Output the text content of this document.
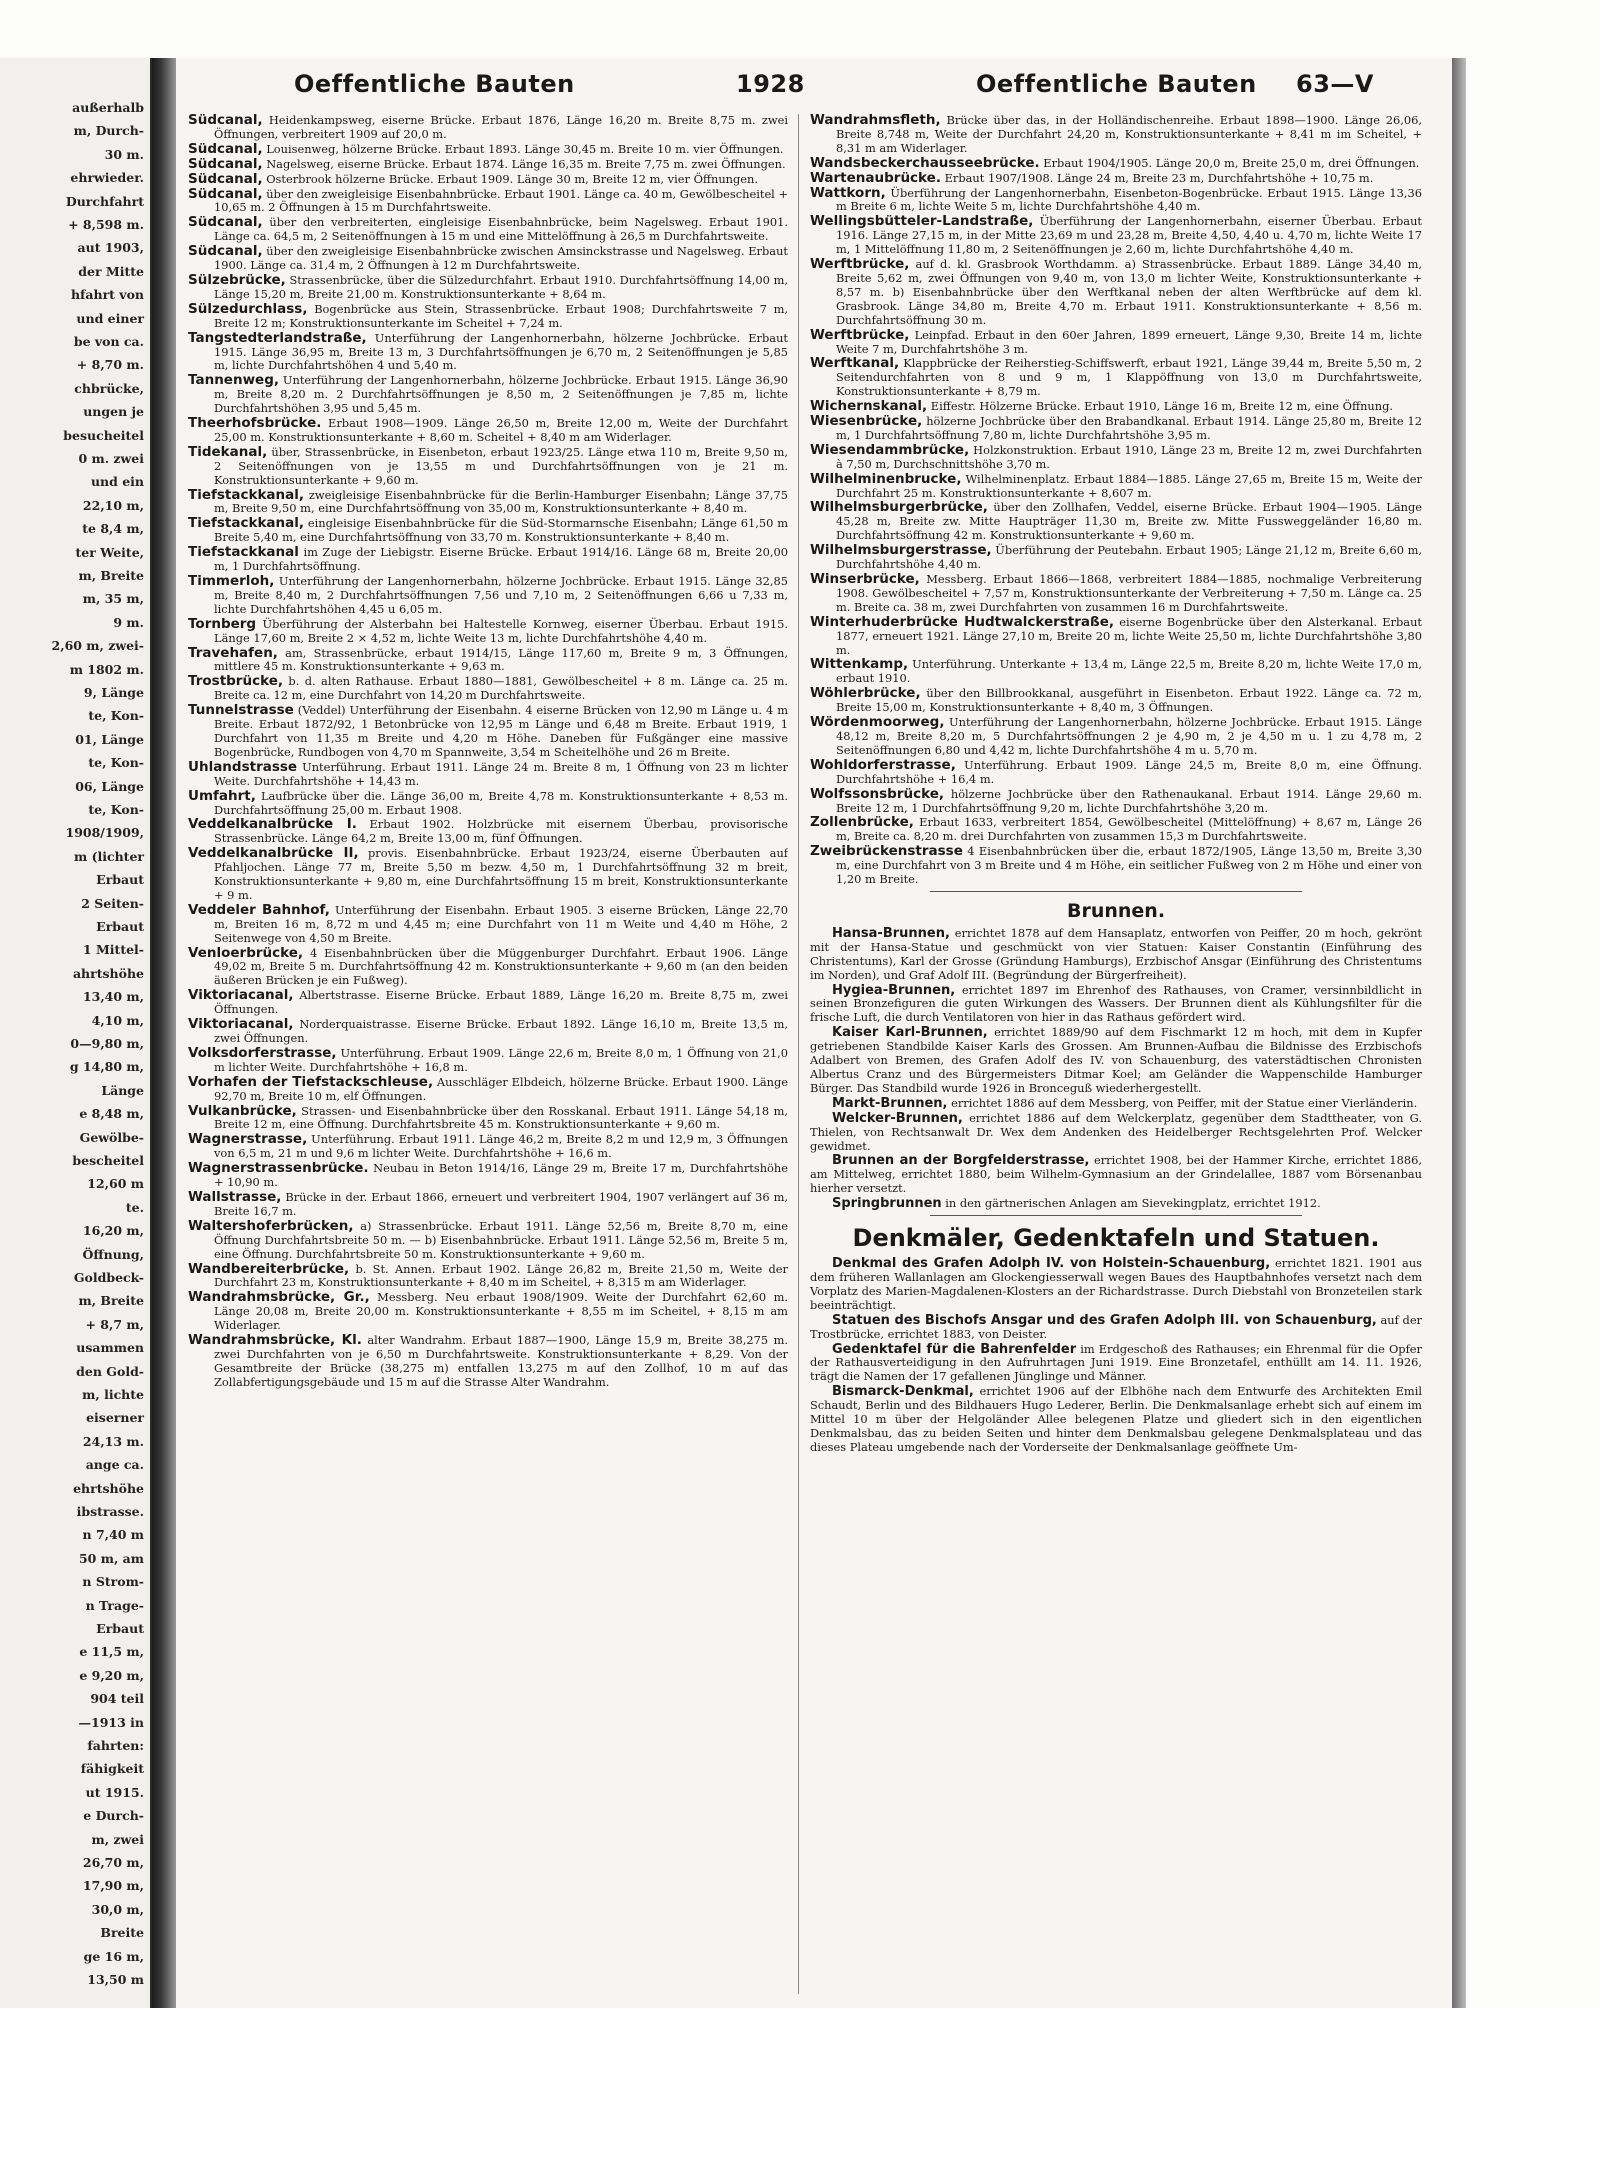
außerhalb
m, Durch-
30 m.
ehrwieder.
Durchfahrt
+ 8,598 m.
aut 1903,
der Mitte
hfahrt von
und einer
be von ca.
+ 8,70 m.
chbrücke,
ungen je
besucheitel
0 m. zwei
und ein
22,10 m,
te 8,4 m,
ter Weite,
m, Breite
m, 35 m,
9 m.
2,60 m, zwei-
m 1802 m.
9, Länge
te, Kon-
01, Länge
te, Kon-
06, Länge
te, Kon-
1908/1909,
m (lichter
Erbaut
2 Seiten-
Erbaut
1 Mittel-
ahrtshöhe
13,40 m,
4,10 m,
0—9,80 m,
g 14,80 m,
Länge
e 8,48 m,
Gewölbe-
bescheitel
12,60 m
te.
16,20 m,
Öffnung,
Goldbeck-
m, Breite
+ 8,7 m,
usammen
den Gold-
m, lichte
eiserner
24,13 m.
ange ca.
ehrtshöhe
ibstrasse.
n 7,40 m
50 m, am
n Strom-
n Trage-
Erbaut
e 11,5 m,
e 9,20 m,
904 teil
—1913 in
fahrten:
fähigkeit
ut 1915.
e Durch-
m, zwei
26,70 m,
17,90 m,
30,0 m,
Breite
ge 16 m,
13,50 m
Oeffentliche Bauten	1928	Oeffentliche Bauten 63—V

Südcanal, Heidenkampsweg, eiserne Brücke. Erbaut 1876, Länge 16,20 m. Breite 8,75 m. zwei Öffnungen, verbreitert 1909 auf 20,0 m.

Südcanal, Louisenweg, hölzerne Brücke. Erbaut 1893. Länge 30,45 m. Breite 10 m. vier Öffnungen.

Südcanal, Nagelsweg, eiserne Brücke. Erbaut 1874. Länge 16,35 m. Breite 7,75 m. zwei Öffnungen.

Südcanal, Osterbrook hölzerne Brücke. Erbaut 1909. Länge 30 m, Breite 12 m, vier Öffnungen.

Südcanal, über den zweigleisige Eisenbahnbrücke. Erbaut 1901. Länge ca. 40 m, Gewölbescheitel + 10,65 m. 2 Öffnungen à 15 m Durchfahrtsweite.

Südcanal, über den verbreiterten, eingleisige Eisenbahnbrücke, beim Nagelsweg. Erbaut 1901. Länge ca. 64,5 m, 2 Seitenöffnungen à 15 m und eine Mittelöffnung à 26,5 m Durchfahrtsweite.

Südcanal, über den zweigleisige Eisenbahnbrücke zwischen Amsinckstrasse und Nagelsweg. Erbaut 1900. Länge ca. 31,4 m, 2 Öffnungen à 12 m Durchfahrtsweite.

Sülzebrücke, Strassenbrücke, über die Sülzedurchfahrt. Erbaut 1910. Durchfahrtsöffnung 14,00 m, Länge 15,20 m, Breite 21,00 m. Konstruktionsunterkante + 8,64 m.

Sülzedurchlass, Bogenbrücke aus Stein, Strassenbrücke. Erbaut 1908; Durchfahrtsweite 7 m, Breite 12 m; Konstruktionsunterkante im Scheitel + 7,24 m.

Tangstedterlandstraße, Unterführung der Langenhornerbahn, hölzerne Jochbrücke. Erbaut 1915. Länge 36,95 m, Breite 13 m, 3 Durchfahrtsöffnungen je 6,70 m, 2 Seitenöffnungen je 5,85 m, lichte Durchfahrtshöhen 4 und 5,40 m.

Tannenweg, Unterführung der Langenhornerbahn, hölzerne Jochbrücke. Erbaut 1915. Länge 36,90 m, Breite 8,20 m. 2 Durchfahrtsöffnungen je 8,50 m, 2 Seitenöffnungen je 7,85 m, lichte Durchfahrtshöhen 3,95 und 5,45 m.

Theerhofsbrücke. Erbaut 1908—1909. Länge 26,50 m, Breite 12,00 m, Weite der Durchfahrt 25,00 m. Konstruktionsunterkante + 8,60 m. Scheitel + 8,40 m am Widerlager.

Tidekanal, über, Strassenbrücke, in Eisenbeton, erbaut 1923/25. Länge etwa 110 m, Breite 9,50 m, 2 Seitenöffnungen von je 13,55 m und Durchfahrtsöffnungen von je 21 m. Konstruktionsunterkante + 9,60 m.

Tiefstackkanal, zweigleisige Eisenbahnbrücke für die Berlin-Hamburger Eisenbahn; Länge 37,75 m, Breite 9,50 m, eine Durchfahrtsöffnung von 35,00 m, Konstruktionsunterkante + 8,40 m.

Tiefstackkanal, eingleisige Eisenbahnbrücke für die Süd-Stormarnsche Eisenbahn; Länge 61,50 m Breite 5,40 m, eine Durchfahrtsöffnung von 33,70 m. Konstruktionsunterkante + 8,40 m.

Tiefstackkanal im Zuge der Liebigstr. Eiserne Brücke. Erbaut 1914/16. Länge 68 m, Breite 20,00 m, 1 Durchfahrtsöffnung.

Timmerloh, Unterführung der Langenhornerbahn, hölzerne Jochbrücke. Erbaut 1915. Länge 32,85 m, Breite 8,40 m, 2 Durchfahrtsöffnungen 7,56 und 7,10 m, 2 Seitenöffnungen 6,66 u 7,33 m, lichte Durchfahrtshöhen 4,45 u 6,05 m.

Tornberg Überführung der Alsterbahn bei Haltestelle Kornweg, eiserner Überbau. Erbaut 1915. Länge 17,60 m, Breite 2 × 4,52 m, lichte Weite 13 m, lichte Durchfahrtshöhe 4,40 m.

Travehafen, am, Strassenbrücke, erbaut 1914/15, Länge 117,60 m, Breite 9 m, 3 Öffnungen, mittlere 45 m. Konstruktionsunterkante + 9,63 m.

Trostbrücke, b. d. alten Rathause. Erbaut 1880—1881, Gewölbescheitel + 8 m. Länge ca. 25 m. Breite ca. 12 m, eine Durchfahrt von 14,20 m Durchfahrtsweite.

Tunnelstrasse (Veddel) Unterführung der Eisenbahn. 4 eiserne Brücken von 12,90 m Länge u. 4 m Breite. Erbaut 1872/92, 1 Betonbrücke von 12,95 m Länge und 6,48 m Breite. Erbaut 1919, 1 Durchfahrt von 11,35 m Breite und 4,20 m Höhe. Daneben für Fußgänger eine massive Bogenbrücke, Rundbogen von 4,70 m Spannweite, 3,54 m Scheitelhöhe und 26 m Breite.

Uhlandstrasse Unterführung. Erbaut 1911. Länge 24 m. Breite 8 m, 1 Öffnung von 23 m lichter Weite. Durchfahrtshöhe + 14,43 m.

Umfahrt, Laufbrücke über die. Länge 36,00 m, Breite 4,78 m. Konstruktionsunterkante + 8,53 m. Durchfahrtsöffnung 25,00 m. Erbaut 1908.

Veddelkanalbrücke I. Erbaut 1902. Holzbrücke mit eisernem Überbau, provisorische Strassenbrücke. Länge 64,2 m, Breite 13,00 m, fünf Öffnungen.

Veddelkanalbrücke II, provis. Eisenbahnbrücke. Erbaut 1923/24, eiserne Überbauten auf Pfahljochen. Länge 77 m, Breite 5,50 m bezw. 4,50 m, 1 Durchfahrtsöffnung 32 m breit, Konstruktionsunterkante + 9,80 m, eine Durchfahrtsöffnung 15 m breit, Konstruktionsunterkante + 9 m.

Veddeler Bahnhof, Unterführung der Eisenbahn. Erbaut 1905. 3 eiserne Brücken, Länge 22,70 m, Breiten 16 m, 8,72 m und 4,45 m; eine Durchfahrt von 11 m Weite und 4,40 m Höhe, 2 Seitenwege von 4,50 m Breite.

Venloerbrücke, 4 Eisenbahnbrücken über die Müggenburger Durchfahrt. Erbaut 1906. Länge 49,02 m, Breite 5 m. Durchfahrtsöffnung 42 m. Konstruktionsunterkante + 9,60 m (an den beiden äußeren Brücken je ein Fußweg).

Viktoriacanal, Albertstrasse. Eiserne Brücke. Erbaut 1889, Länge 16,20 m. Breite 8,75 m, zwei Öffnungen.

Viktoriacanal, Norderquaistrasse. Eiserne Brücke. Erbaut 1892. Länge 16,10 m, Breite 13,5 m, zwei Öffnungen.

Volksdorferstrasse, Unterführung. Erbaut 1909. Länge 22,6 m, Breite 8,0 m, 1 Öffnung von 21,0 m lichter Weite. Durchfahrtshöhe + 16,8 m.

Vorhafen der Tiefstackschleuse, Ausschläger Elbdeich, hölzerne Brücke. Erbaut 1900. Länge 92,70 m, Breite 10 m, elf Öffnungen.

Vulkanbrücke, Strassen- und Eisenbahnbrücke über den Rosskanal. Erbaut 1911. Länge 54,18 m, Breite 12 m, eine Öffnung. Durchfahrtsbreite 45 m. Konstruktionsunterkante + 9,60 m.

Wagnerstrasse, Unterführung. Erbaut 1911. Länge 46,2 m, Breite 8,2 m und 12,9 m, 3 Öffnungen von 6,5 m, 21 m und 9,6 m lichter Weite. Durchfahrtshöhe + 16,6 m.

Wagnerstrassenbrücke. Neubau in Beton 1914/16, Länge 29 m, Breite 17 m, Durchfahrtshöhe + 10,90 m.

Wallstrasse, Brücke in der. Erbaut 1866, erneuert und verbreitert 1904, 1907 verlängert auf 36 m, Breite 16,7 m.

Waltershoferbrücken, a) Strassenbrücke. Erbaut 1911. Länge 52,56 m, Breite 8,70 m, eine Öffnung Durchfahrtsbreite 50 m. — b) Eisenbahnbrücke. Erbaut 1911. Länge 52,56 m, Breite 5 m, eine Öffnung. Durchfahrtsbreite 50 m. Konstruktionsunterkante + 9,60 m.

Wandbereiterbrücke, b. St. Annen. Erbaut 1902. Länge 26,82 m, Breite 21,50 m, Weite der Durchfahrt 23 m, Konstruktionsunterkante + 8,40 m im Scheitel, + 8,315 m am Widerlager.

Wandrahmsbrücke, Gr., Messberg. Neu erbaut 1908/1909. Weite der Durchfahrt 62,60 m. Länge 20,08 m, Breite 20,00 m. Konstruktionsunterkante + 8,55 m im Scheitel, + 8,15 m am Widerlager.

Wandrahmsbrücke, Kl. alter Wandrahm. Erbaut 1887—1900, Länge 15,9 m, Breite 38,275 m. zwei Durchfahrten von je 6,50 m Durchfahrtsweite. Konstruktionsunterkante + 8,29. Von der Gesamtbreite der Brücke (38,275 m) entfallen 13,275 m auf den Zollhof, 10 m auf das Zollabfertigungsgebäude und 15 m auf die Strasse Alter Wandrahm.

Wandrahmsfleth, Brücke über das, in der Holländischenreihe. Erbaut 1898—1900. Länge 26,06, Breite 8,748 m, Weite der Durchfahrt 24,20 m, Konstruktionsunterkante + 8,41 m im Scheitel, + 8,31 m am Widerlager.

Wandsbeckerchausseebrücke. Erbaut 1904/1905. Länge 20,0 m, Breite 25,0 m, drei Öffnungen.

Wartenaubrücke. Erbaut 1907/1908. Länge 24 m, Breite 23 m, Durchfahrtshöhe + 10,75 m.

Wattkorn, Überführung der Langenhornerbahn, Eisenbeton-Bogenbrücke. Erbaut 1915. Länge 13,36 m Breite 6 m, lichte Weite 5 m, lichte Durchfahrtshöhe 4,40 m.

Wellingsbütteler-Landstraße, Überführung der Langenhornerbahn, eiserner Überbau. Erbaut 1916. Länge 27,15 m, in der Mitte 23,69 m und 23,28 m, Breite 4,50, 4,40 u. 4,70 m, lichte Weite 17 m, 1 Mittelöffnung 11,80 m, 2 Seitenöffnungen je 2,60 m, lichte Durchfahrtshöhe 4,40 m.

Werftbrücke, auf d. kl. Grasbrook Worthdamm. a) Strassenbrücke. Erbaut 1889. Länge 34,40 m, Breite 5,62 m, zwei Öffnungen von 9,40 m, von 13,0 m lichter Weite, Konstruktionsunterkante + 8,57 m. b) Eisenbahnbrücke über den Werftkanal neben der alten Werftbrücke auf dem kl. Grasbrook. Länge 34,80 m, Breite 4,70 m. Erbaut 1911. Konstruktionsunterkante + 8,56 m. Durchfahrtsöffnung 30 m.

Werftbrücke, Leinpfad. Erbaut in den 60er Jahren, 1899 erneuert, Länge 9,30, Breite 14 m, lichte Weite 7 m, Durchfahrtshöhe 3 m.

Werftkanal, Klappbrücke der Reiherstieg-Schiffswerft, erbaut 1921, Länge 39,44 m, Breite 5,50 m, 2 Seitendurchfahrten von 8 und 9 m, 1 Klappöffnung von 13,0 m Durchfahrtsweite, Konstruktionsunterkante + 8,79 m.

Wichernskanal, Eiffestr. Hölzerne Brücke. Erbaut 1910, Länge 16 m, Breite 12 m, eine Öffnung.

Wiesenbrücke, hölzerne Jochbrücke über den Brabandkanal. Erbaut 1914. Länge 25,80 m, Breite 12 m, 1 Durchfahrtsöffnung 7,80 m, lichte Durchfahrtshöhe 3,95 m.

Wiesendammbrücke, Holzkonstruktion. Erbaut 1910, Länge 23 m, Breite 12 m, zwei Durchfahrten à 7,50 m, Durchschnittshöhe 3,70 m.

Wilhelminenbrucke, Wilhelminenplatz. Erbaut 1884—1885. Länge 27,65 m, Breite 15 m, Weite der Durchfahrt 25 m. Konstruktionsunterkante + 8,607 m.

Wilhelmsburgerbrücke, über den Zollhafen, Veddel, eiserne Brücke. Erbaut 1904—1905. Länge 45,28 m, Breite zw. Mitte Haupträger 11,30 m, Breite zw. Mitte Fussweggeländer 16,80 m. Durchfahrtsöffnung 42 m. Konstruktionsunterkante + 9,60 m.

Wilhelmsburgerstrasse, Überführung der Peutebahn. Erbaut 1905; Länge 21,12 m, Breite 6,60 m, Durchfahrtshöhe 4,40 m.

Winserbrücke, Messberg. Erbaut 1866—1868, verbreitert 1884—1885, nochmalige Verbreiterung 1908. Gewölbescheitel + 7,57 m, Konstruktionsunterkante der Verbreiterung + 7,50 m. Länge ca. 25 m. Breite ca. 38 m, zwei Durchfahrten von zusammen 16 m Durchfahrtsweite.

Winterhuderbrücke Hudtwalckerstraße, eiserne Bogenbrücke über den Alsterkanal. Erbaut 1877, erneuert 1921. Länge 27,10 m, Breite 20 m, lichte Weite 25,50 m, lichte Durchfahrtshöhe 3,80 m.

Wittenkamp, Unterführung. Unterkante + 13,4 m, Länge 22,5 m, Breite 8,20 m, lichte Weite 17,0 m, erbaut 1910.

Wöhlerbrücke, über den Billbrookkanal, ausgeführt in Eisenbeton. Erbaut 1922. Länge ca. 72 m, Breite 15,00 m, Konstruktionsunterkante + 8,40 m, 3 Öffnungen.

Wördenmoorweg, Unterführung der Langenhornerbahn, hölzerne Jochbrücke. Erbaut 1915. Länge 48,12 m, Breite 8,20 m, 5 Durchfahrtsöffnungen 2 je 4,90 m, 2 je 4,50 m u. 1 zu 4,78 m, 2 Seitenöffnungen 6,80 und 4,42 m, lichte Durchfahrtshöhe 4 m u. 5,70 m.

Wohldorferstrasse, Unterführung. Erbaut 1909. Länge 24,5 m, Breite 8,0 m, eine Öffnung. Durchfahrtshöhe + 16,4 m.

Wolfssonsbrücke, hölzerne Jochbrücke über den Rathenaukanal. Erbaut 1914. Länge 29,60 m. Breite 12 m, 1 Durchfahrtsöffnung 9,20 m, lichte Durchfahrtshöhe 3,20 m.

Zollenbrücke, Erbaut 1633, verbreitert 1854, Gewölbescheitel (Mittelöffnung) + 8,67 m, Länge 26 m, Breite ca. 8,20 m. drei Durchfahrten von zusammen 15,3 m Durchfahrtsweite.

Zweibrückenstrasse 4 Eisenbahnbrücken über die, erbaut 1872/1905, Länge 13,50 m, Breite 3,30 m, eine Durchfahrt von 3 m Breite und 4 m Höhe, ein seitlicher Fußweg von 2 m Höhe und einer von 1,20 m Breite.

Brunnen.

Hansa-Brunnen, errichtet 1878 auf dem Hansaplatz, entworfen von Peiffer, 20 m hoch, gekrönt mit der Hansa-Statue und geschmückt von vier Statuen: Kaiser Constantin (Einführung des Christentums), Karl der Grosse (Gründung Hamburgs), Erzbischof Ansgar (Einführung des Christentums im Norden), und Graf Adolf III. (Begründung der Bürgerfreiheit).

Hygiea-Brunnen, errichtet 1897 im Ehrenhof des Rathauses, von Cramer, versinnbildlicht in seinen Bronzefiguren die guten Wirkungen des Wassers. Der Brunnen dient als Kühlungsfilter für die frische Luft, die durch Ventilatoren von hier in das Rathaus gefördert wird.

Kaiser Karl-Brunnen, errichtet 1889/90 auf dem Fischmarkt 12 m hoch, mit dem in Kupfer getriebenen Standbilde Kaiser Karls des Grossen. Am Brunnen-Aufbau die Bildnisse des Erzbischofs Adalbert von Bremen, des Grafen Adolf des IV. von Schauenburg, des vaterstädtischen Chronisten Albertus Cranz und des Bürgermeisters Ditmar Koel; am Geländer die Wappenschilde Hamburger Bürger. Das Standbild wurde 1926 in Bronceguß wiederhergestellt.

Markt-Brunnen, errichtet 1886 auf dem Messberg, von Peiffer, mit der Statue einer Vierländerin.

Welcker-Brunnen, errichtet 1886 auf dem Welckerplatz, gegenüber dem Stadttheater, von G. Thielen, von Rechtsanwalt Dr. Wex dem Andenken des Heidelberger Rechtsgelehrten Prof. Welcker gewidmet.

Brunnen an der Borgfelderstrasse, errichtet 1908, bei der Hammer Kirche, errichtet 1886, am Mittelweg, errichtet 1880, beim Wilhelm-Gymnasium an der Grindelallee, 1887 vom Börsenanbau hierher versetzt.

Springbrunnen in den gärtnerischen Anlagen am Sievekingplatz, errichtet 1912.

Denkmäler, Gedenktafeln und Statuen.

Denkmal des Grafen Adolph IV. von Holstein-Schauenburg, errichtet 1821. 1901 aus dem früheren Wallanlagen am Glockengiesserwall wegen Baues des Hauptbahnhofes versetzt nach dem Vorplatz des Marien-Magdalenen-Klosters an der Richardstrasse. Durch Diebstahl von Bronzeteilen stark beeinträchtigt.

Statuen des Bischofs Ansgar und des Grafen Adolph III. von Schauenburg, auf der Trostbrücke, errichtet 1883, von Deister.

Gedenktafel für die Bahrenfelder im Erdgeschoß des Rathauses; ein Ehrenmal für die Opfer der Rathausverteidigung in den Aufruhrtagen Juni 1919. Eine Bronzetafel, enthüllt am 14. 11. 1926, trägt die Namen der 17 gefallenen Jünglinge und Männer.

Bismarck-Denkmal, errichtet 1906 auf der Elbhöhe nach dem Entwurfe des Architekten Emil Schaudt, Berlin und des Bildhauers Hugo Lederer, Berlin. Die Denkmalsanlage erhebt sich auf einem im Mittel 10 m über der Helgoländer Allee belegenen Platze und gliedert sich in den eigentlichen Denkmalsbau, das zu beiden Seiten und hinter dem Denkmalsbau gelegene Denkmalsplateau und das dieses Plateau umgebende nach der Vorderseite der Denkmalsanlage geöffnete Um-
